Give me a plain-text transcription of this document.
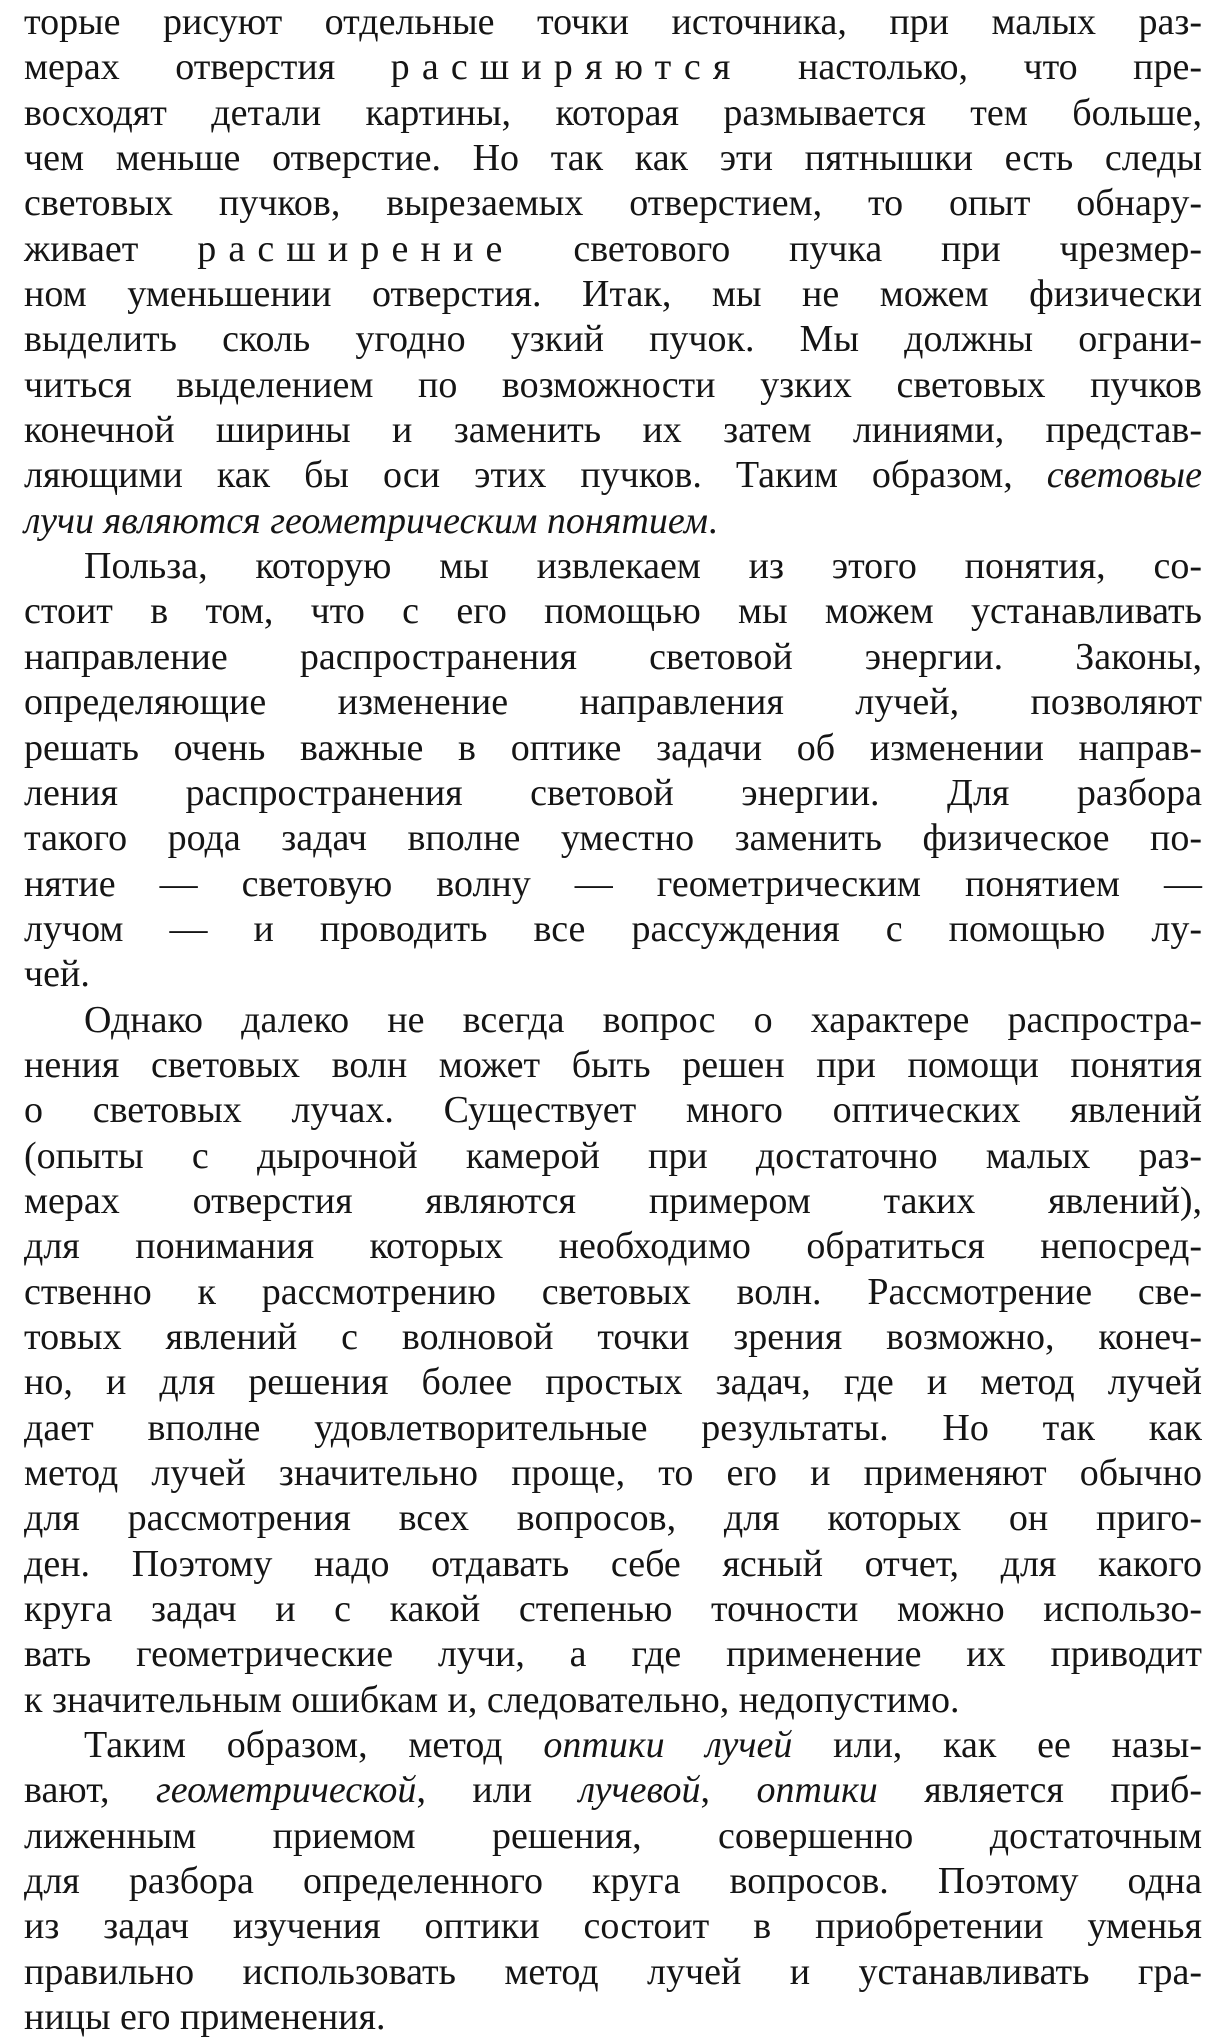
торые рисуют отдельные точки источника, при малых раз-
мерах отверстия расширяются настолько, что пре-
восходят детали картины, которая размывается тем больше,
чем меньше отверстие. Но так как эти пятнышки есть следы
световых пучков, вырезаемых отверстием, то опыт обнару-
живает расширение светового пучка при чрезмер-
ном уменьшении отверстия. Итак, мы не можем физически
выделить сколь угодно узкий пучок. Мы должны ограни-
читься выделением по возможности узких световых пучков
конечной ширины и заменить их затем линиями, представ-
ляющими как бы оси этих пучков. Таким образом, световые
лучи являются геометрическим понятием.
Польза, которую мы извлекаем из этого понятия, со-
стоит в том, что с его помощью мы можем устанавливать
направление распространения световой энергии. Законы,
определяющие изменение направления лучей, позволяют
решать очень важные в оптике задачи об изменении направ-
ления распространения световой энергии. Для разбора
такого рода задач вполне уместно заменить физическое по-
нятие — световую волну — геометрическим понятием —
лучом — и проводить все рассуждения с помощью лу-
чей.
Однако далеко не всегда вопрос о характере распростра-
нения световых волн может быть решен при помощи понятия
о световых лучах. Существует много оптических явлений
(опыты с дырочной камерой при достаточно малых раз-
мерах отверстия являются примером таких явлений),
для понимания которых необходимо обратиться непосред-
ственно к рассмотрению световых волн. Рассмотрение све-
товых явлений с волновой точки зрения возможно, конеч-
но, и для решения более простых задач, где и метод лучей
дает вполне удовлетворительные результаты. Но так как
метод лучей значительно проще, то его и применяют обычно
для рассмотрения всех вопросов, для которых он приго-
ден. Поэтому надо отдавать себе ясный отчет, для какого
круга задач и с какой степенью точности можно использо-
вать геометрические лучи, а где применение их приводит
к значительным ошибкам и, следовательно, недопустимо.
Таким образом, метод оптики лучей или, как ее назы-
вают, геометрической, или лучевой, оптики является приб-
лиженным приемом решения, совершенно достаточным
для разбора определенного круга вопросов. Поэтому одна
из задач изучения оптики состоит в приобретении уменья
правильно использовать метод лучей и устанавливать гра-
ницы его применения.
